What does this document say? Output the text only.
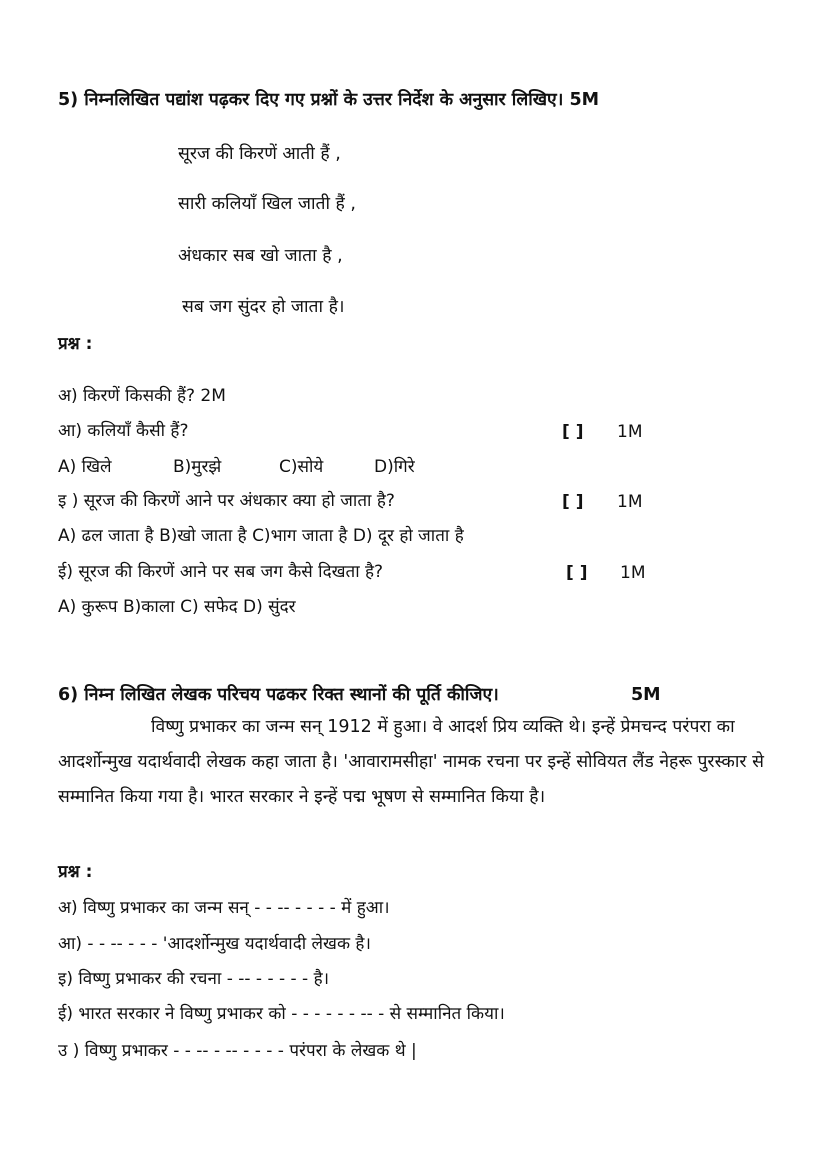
5) निम्नलिखित पद्यांश पढ़कर दिए गए प्रश्नों के उत्तर निर्देश के अनुसार लिखिए। 5M
सूरज की किरणें आती हैं ,
सारी कलियाँ खिल जाती हैं ,
अंधकार सब खो जाता है ,
सब जग सुंदर हो जाता है।
प्रश्न :
अ) किरणें किसकी हैं? 2M
आ) कलियाँ कैसी हैं?	[ ] 1M
A) खिले	B)मुरझे	C)सोये	D)गिरे
इ ) सूरज की किरणें आने पर अंधकार क्या हो जाता है?	[ ] 1M
A) ढल जाता है B)खो जाता है C)भाग जाता है D) दूर हो जाता है
ई) सूरज की किरणें आने पर सब जग कैसे दिखता है?	[ ] 1M
A) कुरूप B)काला C) सफेद D) सुंदर
6) निम्न लिखित लेखक परिचय पढकर रिक्त स्थानों की पूर्ति कीजिए।	5M
विष्णु प्रभाकर का जन्म सन् 1912 में हुआ। वे आदर्श प्रिय व्यक्ति थे। इन्हें प्रेमचन्द परंपरा का आदर्शोन्मुख यदार्थवादी लेखक कहा जाता है। 'आवारामसीहा' नामक रचना पर इन्हें सोवियत लैंड नेहरू पुरस्कार से सम्मानित किया गया है। भारत सरकार ने इन्हें पद्म भूषण से सम्मानित किया है।
प्रश्न :
अ) विष्णु प्रभाकर का जन्म सन् - - -- - - - - में हुआ।
आ) - - -- - - - 'आदर्शोन्मुख यदार्थवादी लेखक है।
इ) विष्णु प्रभाकर की रचना - -- - - - - - है।
ई) भारत सरकार ने विष्णु प्रभाकर को - - - - - - -- - से सम्मानित किया।
उ ) विष्णु प्रभाकर - - -- - -- - - - - परंपरा के लेखक थे |
